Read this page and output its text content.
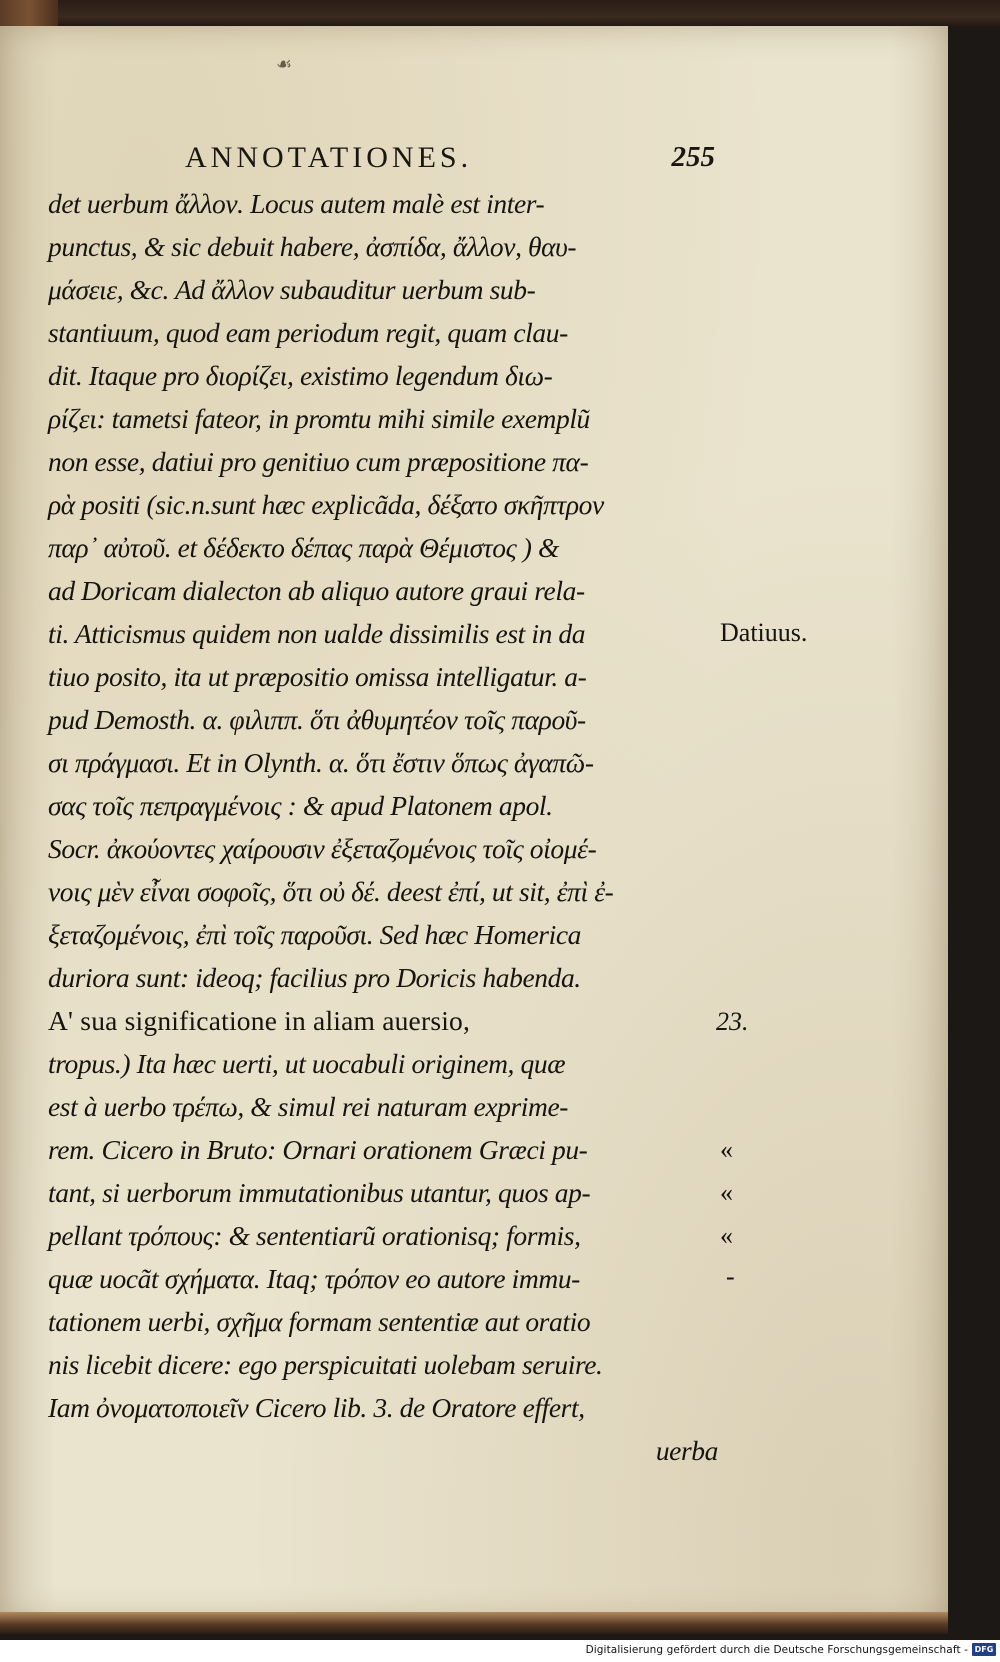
☙
ANNOTATIONES.	255
det uerbum ἄλλον. Locus autem malè est inter-
punctus, & sic debuit habere, ἀσπίδα, ἄλλον, θαυ-
μάσειε, &c. Ad ἄλλον subauditur uerbum sub-
stantiuum, quod eam periodum regit, quam clau-
dit. Itaque pro διορίζει, existimo legendum διω-
ρίζει: tametsi fateor, in promtu mihi simile exemplũ
non esse, datiui pro genitiuo cum præpositione πα-
ρὰ positi (sic.n.sunt hæc explicãda, δέξατο σκῆπτρον
παρ᾽ αὐτοῦ. et δέδεκτο δέπας παρὰ Θέμιστος ) &
ad Doricam dialecton ab aliquo autore graui rela-
ti. Atticismus quidem non ualde dissimilis est in da
tiuo posito, ita ut præpositio omissa intelligatur. a-
pud Demosth. α. φιλιππ. ὅτι ἀθυμητέον τοῖς παροῦ-
σι πράγμασι. Et in Olynth. α. ὅτι ἔστιν ὅπως ἀγαπῶ-
σας τοῖς πεπραγμένοις : & apud Platonem apol.
Socr. ἀκούοντες χαίρουσιν ἐξεταζομένοις τοῖς οἰομέ-
νοις μὲν εἶναι σοφοῖς, ὅτι οὐ δέ. deest ἐπί, ut sit, ἐπὶ ἐ-
ξεταζομένοις, ἐπὶ τοῖς παροῦσι. Sed hæc Homerica
duriora sunt: ideoq; facilius pro Doricis habenda.
A' sua significatione in aliam auersio,
tropus.) Ita hæc uerti, ut uocabuli originem, quæ
est à uerbo τρέπω, & simul rei naturam exprime-
rem. Cicero in Bruto: Ornari orationem Græci pu-
tant, si uerborum immutationibus utantur, quos ap-
pellant τρόπους: & sententiarũ orationisq; formis,
quæ uocãt σχήματα. Itaq; τρόπον eo autore immu-
tationem uerbi, σχῆμα formam sententiæ aut oratio
nis licebit dicere: ego perspicuitati uolebam seruire.
Iam ὀνοματοποιεῖν Cicero lib. 3. de Oratore effert,
uerba
Datiuus.
23.
«
«
«
-
Digitalisierung gefördert durch die Deutsche Forschungsgemeinschaft - DFG
